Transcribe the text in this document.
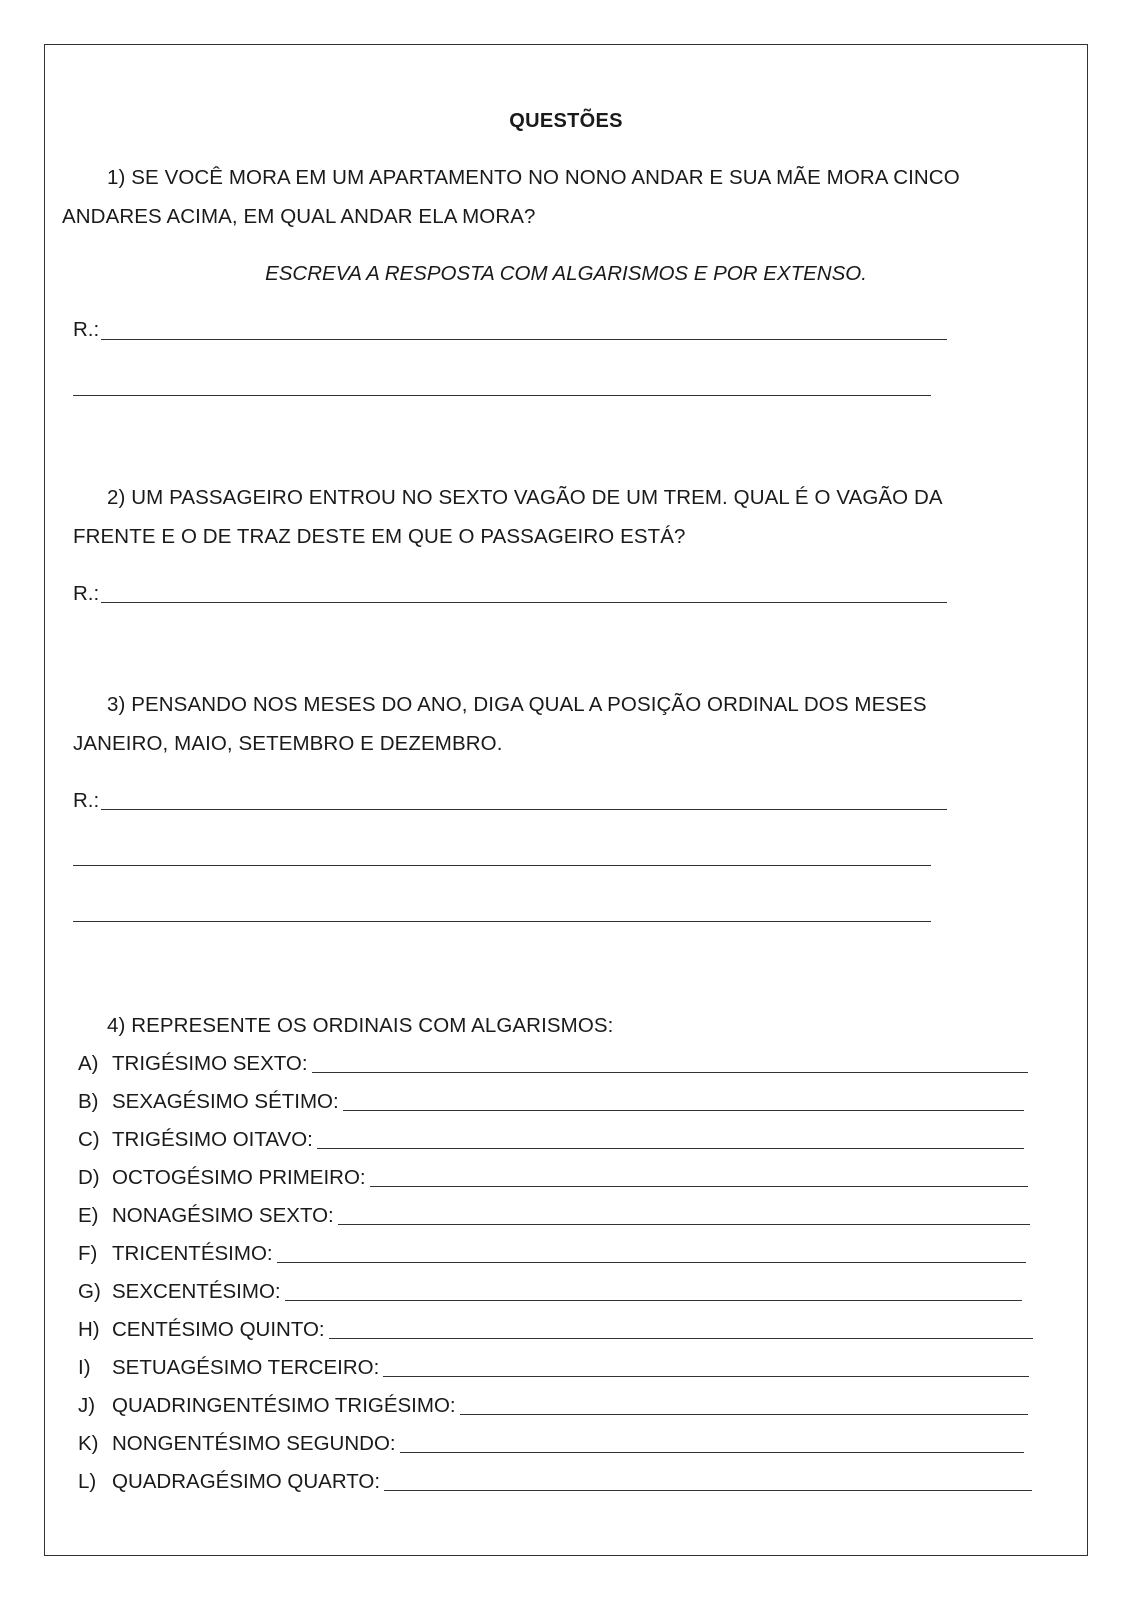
QUESTÕES
1) SE VOCÊ MORA EM UM APARTAMENTO NO NONO ANDAR E SUA MÃE MORA CINCO
ANDARES ACIMA, EM QUAL ANDAR ELA MORA?
ESCREVA A RESPOSTA COM ALGARISMOS E POR EXTENSO.
R.:
2) UM PASSAGEIRO ENTROU NO SEXTO VAGÃO DE UM TREM. QUAL É O VAGÃO DA
FRENTE E O DE TRAZ DESTE EM QUE O PASSAGEIRO ESTÁ?
R.:
3) PENSANDO NOS MESES DO ANO, DIGA QUAL A POSIÇÃO ORDINAL DOS MESES
JANEIRO, MAIO, SETEMBRO E DEZEMBRO.
R.:
4) REPRESENTE OS ORDINAIS COM ALGARISMOS:
A) TRIGÉSIMO SEXTO:
B) SEXAGÉSIMO SÉTIMO:
C) TRIGÉSIMO OITAVO:
D) OCTOGÉSIMO PRIMEIRO:
E) NONAGÉSIMO SEXTO:
F) TRICENTÉSIMO:
G) SEXCENTÉSIMO:
H) CENTÉSIMO QUINTO:
I)	SETUAGÉSIMO TERCEIRO:
J) QUADRINGENTÉSIMO TRIGÉSIMO:
K) NONGENTÉSIMO SEGUNDO:
L) QUADRAGÉSIMO QUARTO:
